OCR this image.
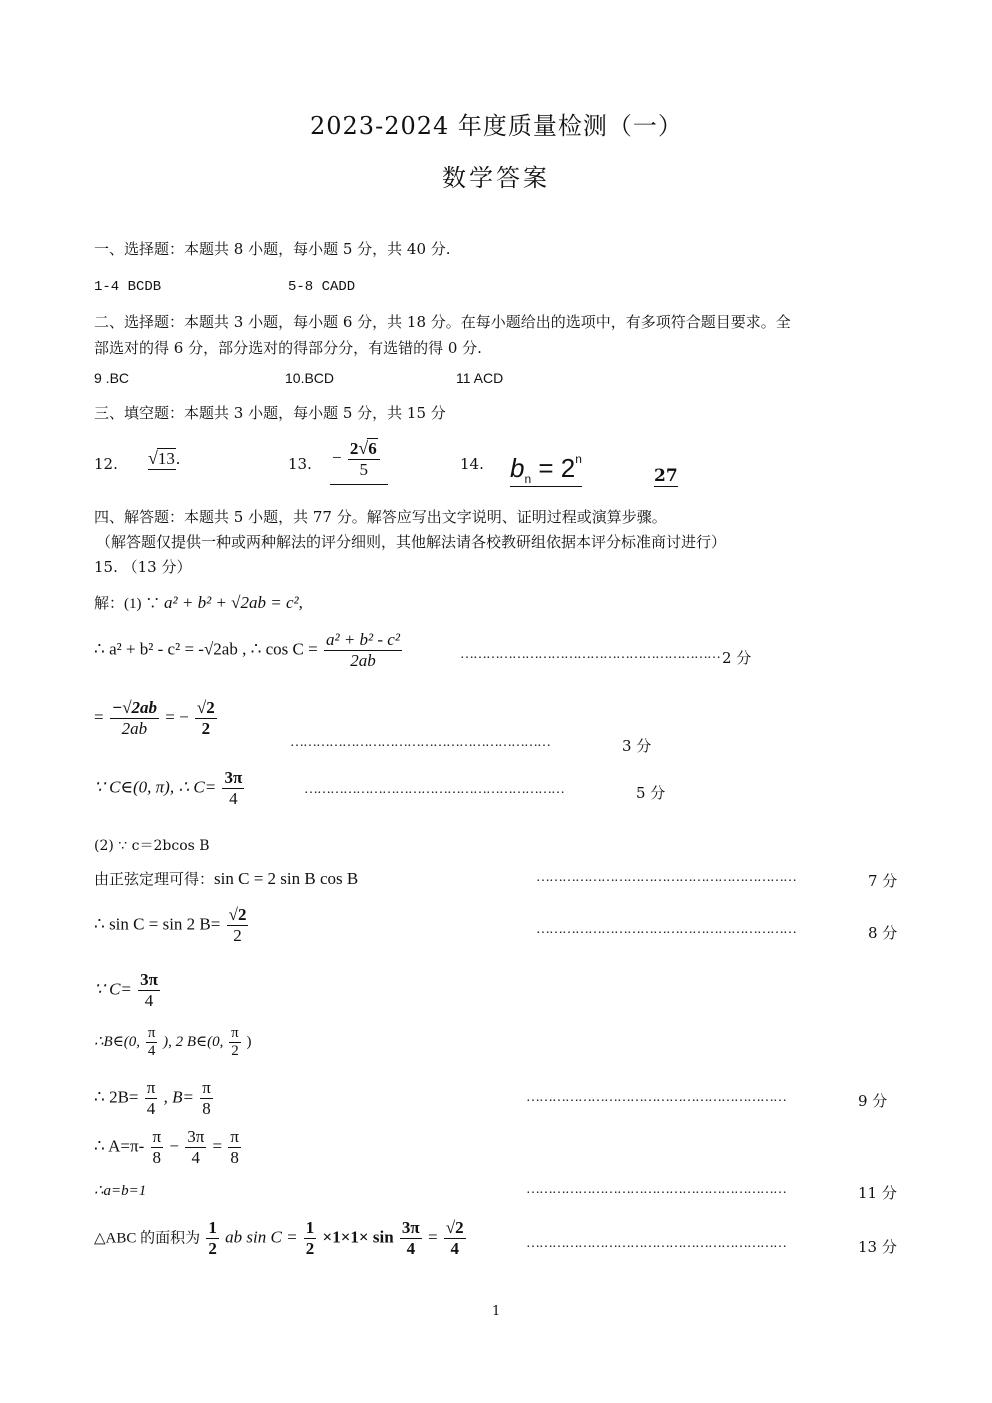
2023-2024 年度质量检测（一）
数学答案
一、选择题：本题共 8 小题，每小题 5 分，共 40 分.
1-4 BCDB	5-8 CADD
二、选择题：本题共 3 小题，每小题 6 分，共 18 分。在每小题给出的选项中，有多项符合题目要求。全
部选对的得 6 分，部分选对的得部分分，有选错的得 0 分.
9 .BC	10.BCD	11 ACD
三、填空题：本题共 3 小题，每小题 5 分，共 15 分
12. √13.	13. − $\frac{2√6}{5}$	14. $b_n = 2^n$
27
四、解答题：本题共 5 小题，共 77 分。解答应写出文字说明、证明过程或演算步骤。
（解答题仅提供一种或两种解法的评分细则，其他解法请各校教研组依据本评分标准商讨进行）
15. （13 分）
解：(1) ∵ a² + b² + √2ab = c²,
∴ a² + b² - c² = -√2ab , ∴ $\cos C = \frac{\text{a² + b² - c²}}{2ab}$	…………………………………………………… 2 分
= $\frac{-√2ab}{2ab}$ = − $\frac{√2}{2}$
……………………………………………………	3 分
∵ C∈(0, π), ∴ $C= \frac{3\pi}{4}$	……………………………………………………	5 分
(2) ∵ c＝2bcos B
由正弦定理可得：sin C = 2 sin B cos B	……………………………………………………	7 分
∴ sin C = sin 2 $B= \frac{√2}{2}$	……………………………………………………	8 分
∵ $C= \frac{3\pi}{4}$
∴B∈(0, $\frac{\pi}{4}$ ), 2 B∈(0, $\frac{\pi}{2}$ )
∴ $2B= \frac{\pi}{4}$ , $B= \frac{\pi}{8}$	……………………………………………………	9 分
∴ $A=\pi- \frac{\pi}{8} - \frac{3\pi}{4} = \frac{\pi}{8}$
∴a=b=1	……………………………………………………	11 分
△ABC 的面积为 $\frac{1}{2}$ ab $\sin C = \frac{1}{2} \times 1\times 1\times \sin \frac{3\pi}{4} = \frac{√2}{4}$	……………………………………………………	13 分
1
